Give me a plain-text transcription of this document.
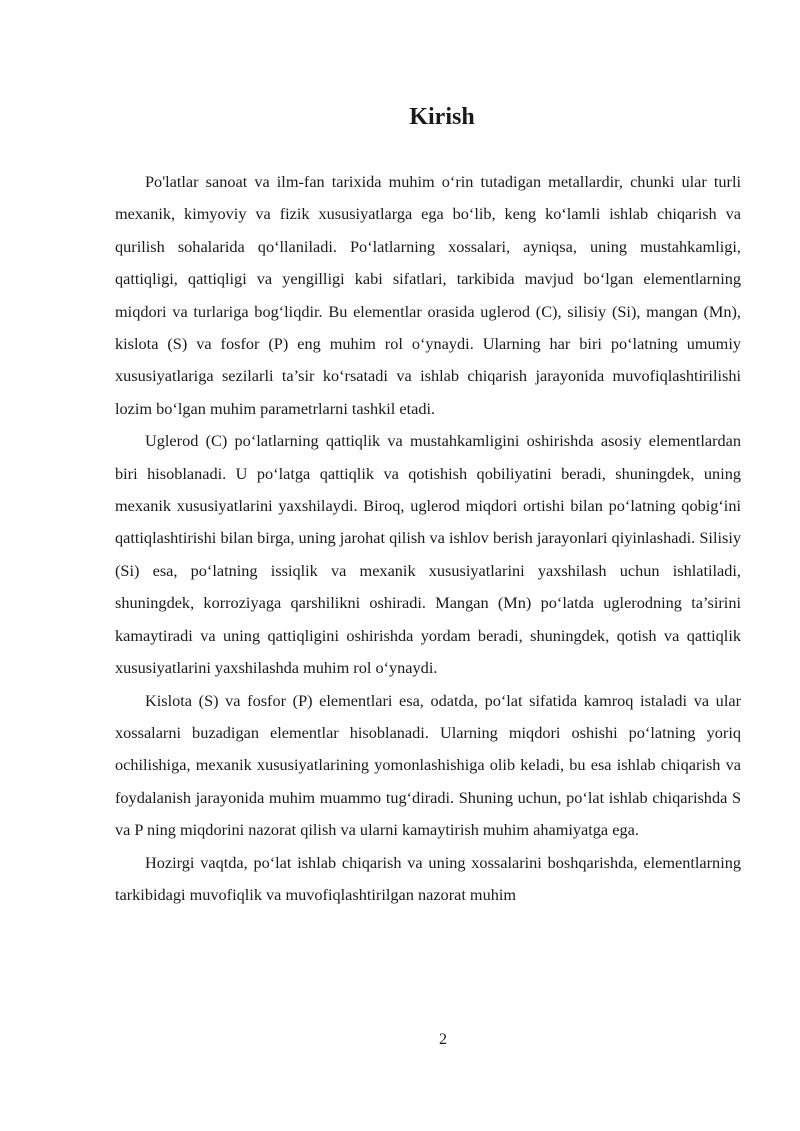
Kirish

Po'latlar sanoat va ilm-fan tarixida muhim o‘rin tutadigan metallardir, chunki ular turli mexanik, kimyoviy va fizik xususiyatlarga ega bo‘lib, keng ko‘lamli ishlab chiqarish va qurilish sohalarida qo‘llaniladi. Po‘latlarning xossalari, ayniqsa, uning mustahkamligi, qattiqligi, qattiqligi va yengilligi kabi sifatlari, tarkibida mavjud bo‘lgan elementlarning miqdori va turlariga bog‘liqdir. Bu elementlar orasida uglerod (C), silisiy (Si), mangan (Mn), kislota (S) va fosfor (P) eng muhim rol o‘ynaydi. Ularning har biri po‘latning umumiy xususiyatlariga sezilarli ta’sir ko‘rsatadi va ishlab chiqarish jarayonida muvofiqlashtirilishi lozim bo‘lgan muhim parametrlarni tashkil etadi.

Uglerod (C) po‘latlarning qattiqlik va mustahkamligini oshirishda asosiy elementlardan biri hisoblanadi. U po‘latga qattiqlik va qotishish qobiliyatini beradi, shuningdek, uning mexanik xususiyatlarini yaxshilaydi. Biroq, uglerod miqdori ortishi bilan po‘latning qobig‘ini qattiqlashtirishi bilan birga, uning jarohat qilish va ishlov berish jarayonlari qiyinlashadi. Silisiy (Si) esa, po‘latning issiqlik va mexanik xususiyatlarini yaxshilash uchun ishlatiladi, shuningdek, korroziyaga qarshilikni oshiradi. Mangan (Mn) po‘latda uglerodning ta’sirini kamaytiradi va uning qattiqligini oshirishda yordam beradi, shuningdek, qotish va qattiqlik xususiyatlarini yaxshilashda muhim rol o‘ynaydi.

Kislota (S) va fosfor (P) elementlari esa, odatda, po‘lat sifatida kamroq istaladi va ular xossalarni buzadigan elementlar hisoblanadi. Ularning miqdori oshishi po‘latning yoriq ochilishiga, mexanik xususiyatlarining yomonlashishiga olib keladi, bu esa ishlab chiqarish va foydalanish jarayonida muhim muammo tug‘diradi. Shuning uchun, po‘lat ishlab chiqarishda S va P ning miqdorini nazorat qilish va ularni kamaytirish muhim ahamiyatga ega.

Hozirgi vaqtda, po‘lat ishlab chiqarish va uning xossalarini boshqarishda, elementlarning tarkibidagi muvofiqlik va muvofiqlashtirilgan nazorat muhim

2
